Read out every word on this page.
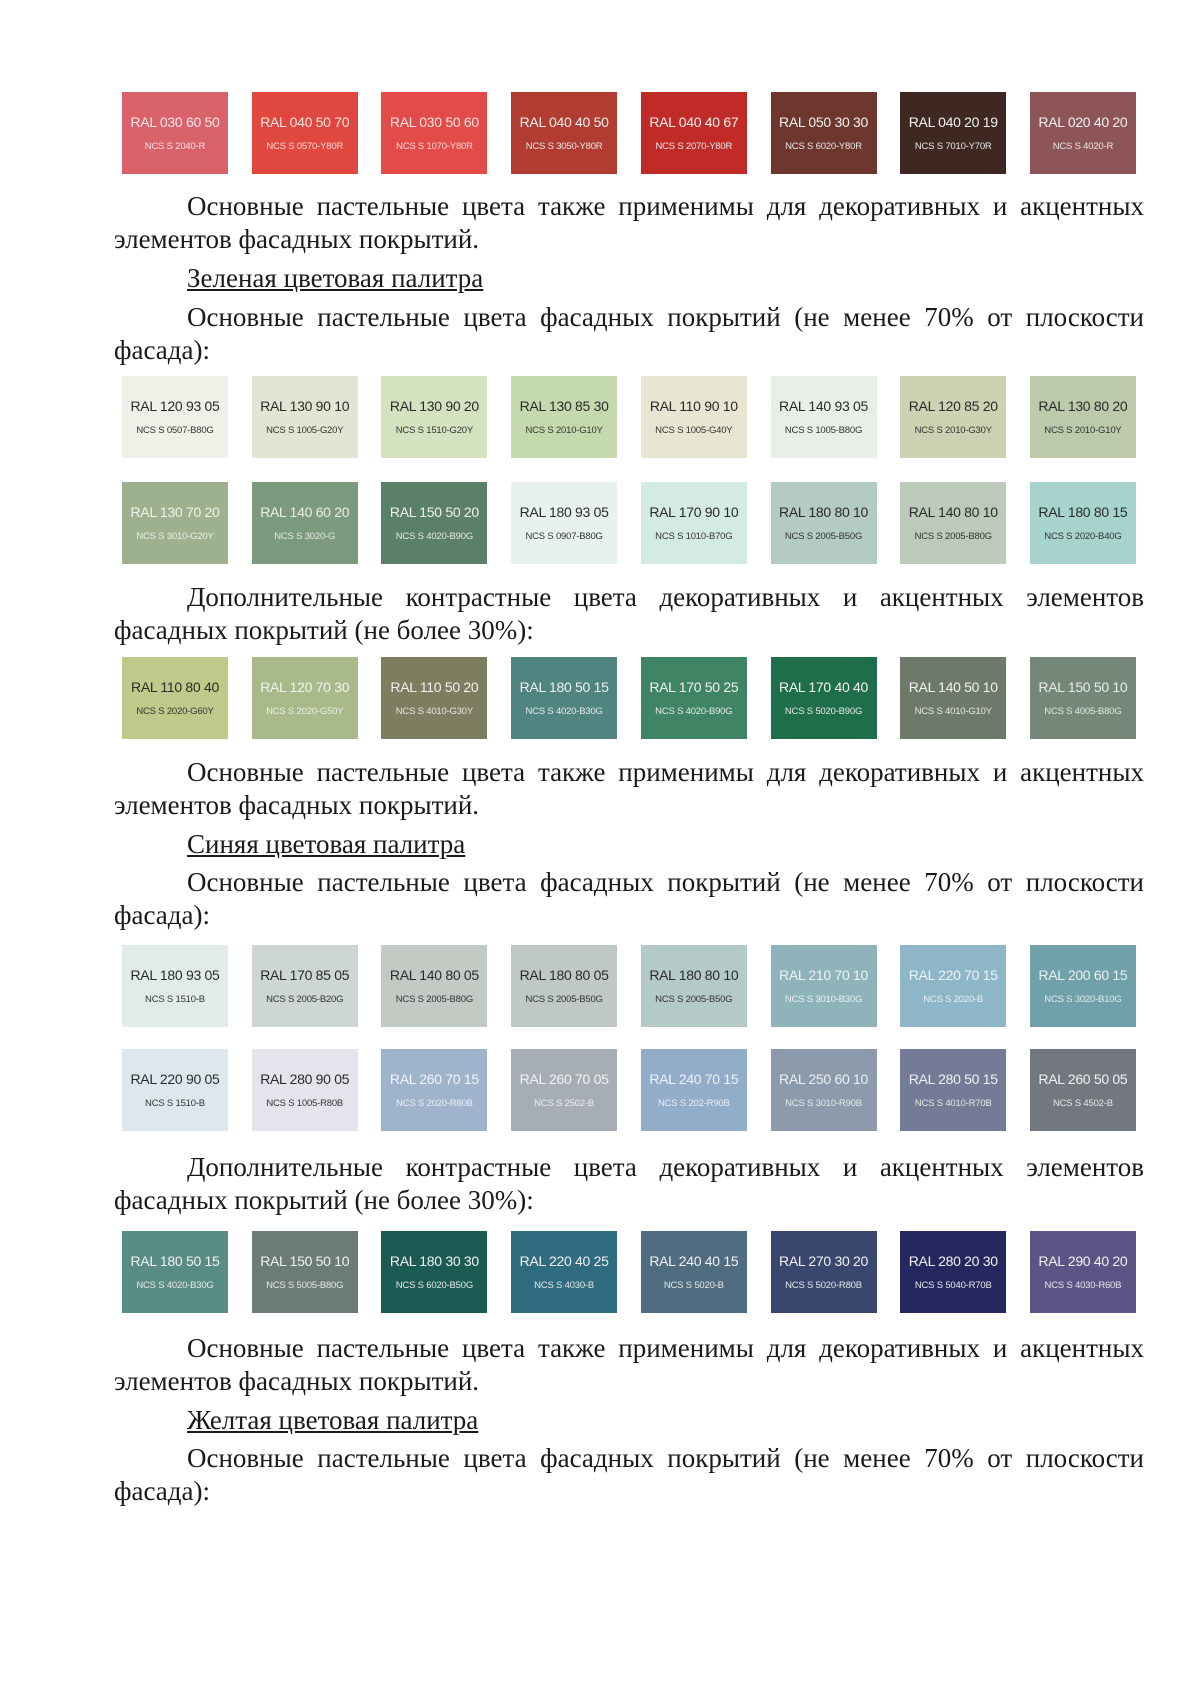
RAL 030 60 50
NCS S 2040-R
RAL 040 50 70
NCS S 0570-Y80R
RAL 030 50 60
NCS S 1070-Y80R
RAL 040 40 50
NCS S 3050-Y80R
RAL 040 40 67
NCS S 2070-Y80R
RAL 050 30 30
NCS S 6020-Y80R
RAL 040 20 19
NCS S 7010-Y70R
RAL 020 40 20
NCS S 4020-R

Основные пастельные цвета также применимы для декоративных и акцентных элементов фасадных покрытий.

Зеленая цветовая палитра

Основные пастельные цвета фасадных покрытий (не менее 70% от плоскости фасада):

RAL 120 93 05
NCS S 0507-B80G
RAL 130 90 10
NCS S 1005-G20Y
RAL 130 90 20
NCS S 1510-G20Y
RAL 130 85 30
NCS S 2010-G10Y
RAL 110 90 10
NCS S 1005-G40Y
RAL 140 93 05
NCS S 1005-B80G
RAL 120 85 20
NCS S 2010-G30Y
RAL 130 80 20
NCS S 2010-G10Y
RAL 130 70 20
NCS S 3010-G20Y
RAL 140 60 20
NCS S 3020-G
RAL 150 50 20
NCS S 4020-B90G
RAL 180 93 05
NCS S 0907-B80G
RAL 170 90 10
NCS S 1010-B70G
RAL 180 80 10
NCS S 2005-B50G
RAL 140 80 10
NCS S 2005-B80G
RAL 180 80 15
NCS S 2020-B40G

Дополнительные контрастные цвета декоративных и акцентных элементов фасадных покрытий (не более 30%):

RAL 110 80 40
NCS S 2020-G60Y
RAL 120 70 30
NCS S 2020-G50Y
RAL 110 50 20
NCS S 4010-G30Y
RAL 180 50 15
NCS S 4020-B30G
RAL 170 50 25
NCS S 4020-B90G
RAL 170 40 40
NCS S 5020-B90G
RAL 140 50 10
NCS S 4010-G10Y
RAL 150 50 10
NCS S 4005-B80G

Основные пастельные цвета также применимы для декоративных и акцентных элементов фасадных покрытий.

Синяя цветовая палитра

Основные пастельные цвета фасадных покрытий (не менее 70% от плоскости фасада):

RAL 180 93 05
NCS S 1510-B
RAL 170 85 05
NCS S 2005-B20G
RAL 140 80 05
NCS S 2005-B80G
RAL 180 80 05
NCS S 2005-B50G
RAL 180 80 10
NCS S 2005-B50G
RAL 210 70 10
NCS S 3010-B30G
RAL 220 70 15
NCS S 2020-B
RAL 200 60 15
NCS S 3020-B10G
RAL 220 90 05
NCS S 1510-B
RAL 280 90 05
NCS S 1005-R80B
RAL 260 70 15
NCS S 2020-R80B
RAL 260 70 05
NCS S 2502-B
RAL 240 70 15
NCS S 202-R90B
RAL 250 60 10
NCS S 3010-R90B
RAL 280 50 15
NCS S 4010-R70B
RAL 260 50 05
NCS S 4502-B

Дополнительные контрастные цвета декоративных и акцентных элементов фасадных покрытий (не более 30%):

RAL 180 50 15
NCS S 4020-B30G
RAL 150 50 10
NCS S 5005-B80G
RAL 180 30 30
NCS S 6020-B50G
RAL 220 40 25
NCS S 4030-B
RAL 240 40 15
NCS S 5020-B
RAL 270 30 20
NCS S 5020-R80B
RAL 280 20 30
NCS S 5040-R70B
RAL 290 40 20
NCS S 4030-R60B

Основные пастельные цвета также применимы для декоративных и акцентных элементов фасадных покрытий.

Желтая цветовая палитра

Основные пастельные цвета фасадных покрытий (не менее 70% от плоскости фасада):
